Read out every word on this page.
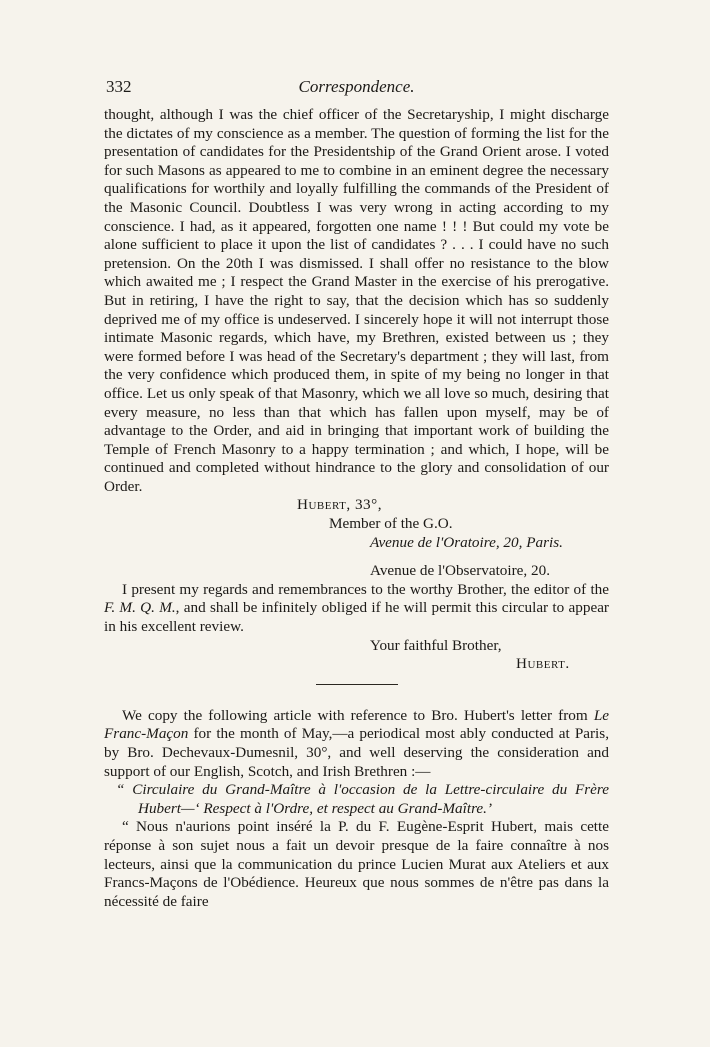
332	Correspondence.

thought, although I was the chief officer of the Secretaryship, I might discharge the dictates of my conscience as a member. The question of forming the list for the presentation of candidates for the Presidentship of the Grand Orient arose. I voted for such Masons as appeared to me to combine in an eminent degree the necessary qualifications for worthily and loyally fulfilling the commands of the President of the Masonic Council. Doubtless I was very wrong in acting according to my conscience. I had, as it appeared, forgotten one name ! ! ! But could my vote be alone sufficient to place it upon the list of candidates ? . . . I could have no such pretension. On the 20th I was dismissed. I shall offer no resistance to the blow which awaited me ; I respect the Grand Master in the exercise of his prerogative. But in retiring, I have the right to say, that the decision which has so suddenly deprived me of my office is undeserved. I sincerely hope it will not interrupt those intimate Masonic regards, which have, my Brethren, existed between us ; they were formed before I was head of the Secretary's department ; they will last, from the very confidence which produced them, in spite of my being no longer in that office. Let us only speak of that Masonry, which we all love so much, desiring that every measure, no less than that which has fallen upon myself, may be of advantage to the Order, and aid in bringing that important work of building the Temple of French Masonry to a happy termination ; and which, I hope, will be continued and completed without hindrance to the glory and consolidation of our Order.

Hubert, 33°,
Member of the G.O.
Avenue de l'Oratoire, 20, Paris.
Avenue de l'Observatoire, 20.

I present my regards and remembrances to the worthy Brother, the editor of the F. M. Q. M., and shall be infinitely obliged if he will permit this circular to appear in his excellent review.

Your faithful Brother,
Hubert.

We copy the following article with reference to Bro. Hubert's letter from Le Franc-Maçon for the month of May,—a periodical most ably conducted at Paris, by Bro. Dechevaux-Dumesnil, 30°, and well deserving the consideration and support of our English, Scotch, and Irish Brethren :—

“ Circulaire du Grand-Maître à l'occasion de la Lettre-circulaire du Frère Hubert—‘ Respect à l'Ordre, et respect au Grand-Maître.’

“ Nous n'aurions point inséré la P. du F. Eugène-Esprit Hubert, mais cette réponse à son sujet nous a fait un devoir presque de la faire connaître à nos lecteurs, ainsi que la communication du prince Lucien Murat aux Ateliers et aux Francs-Maçons de l'Obédience. Heureux que nous sommes de n'être pas dans la nécessité de faire
